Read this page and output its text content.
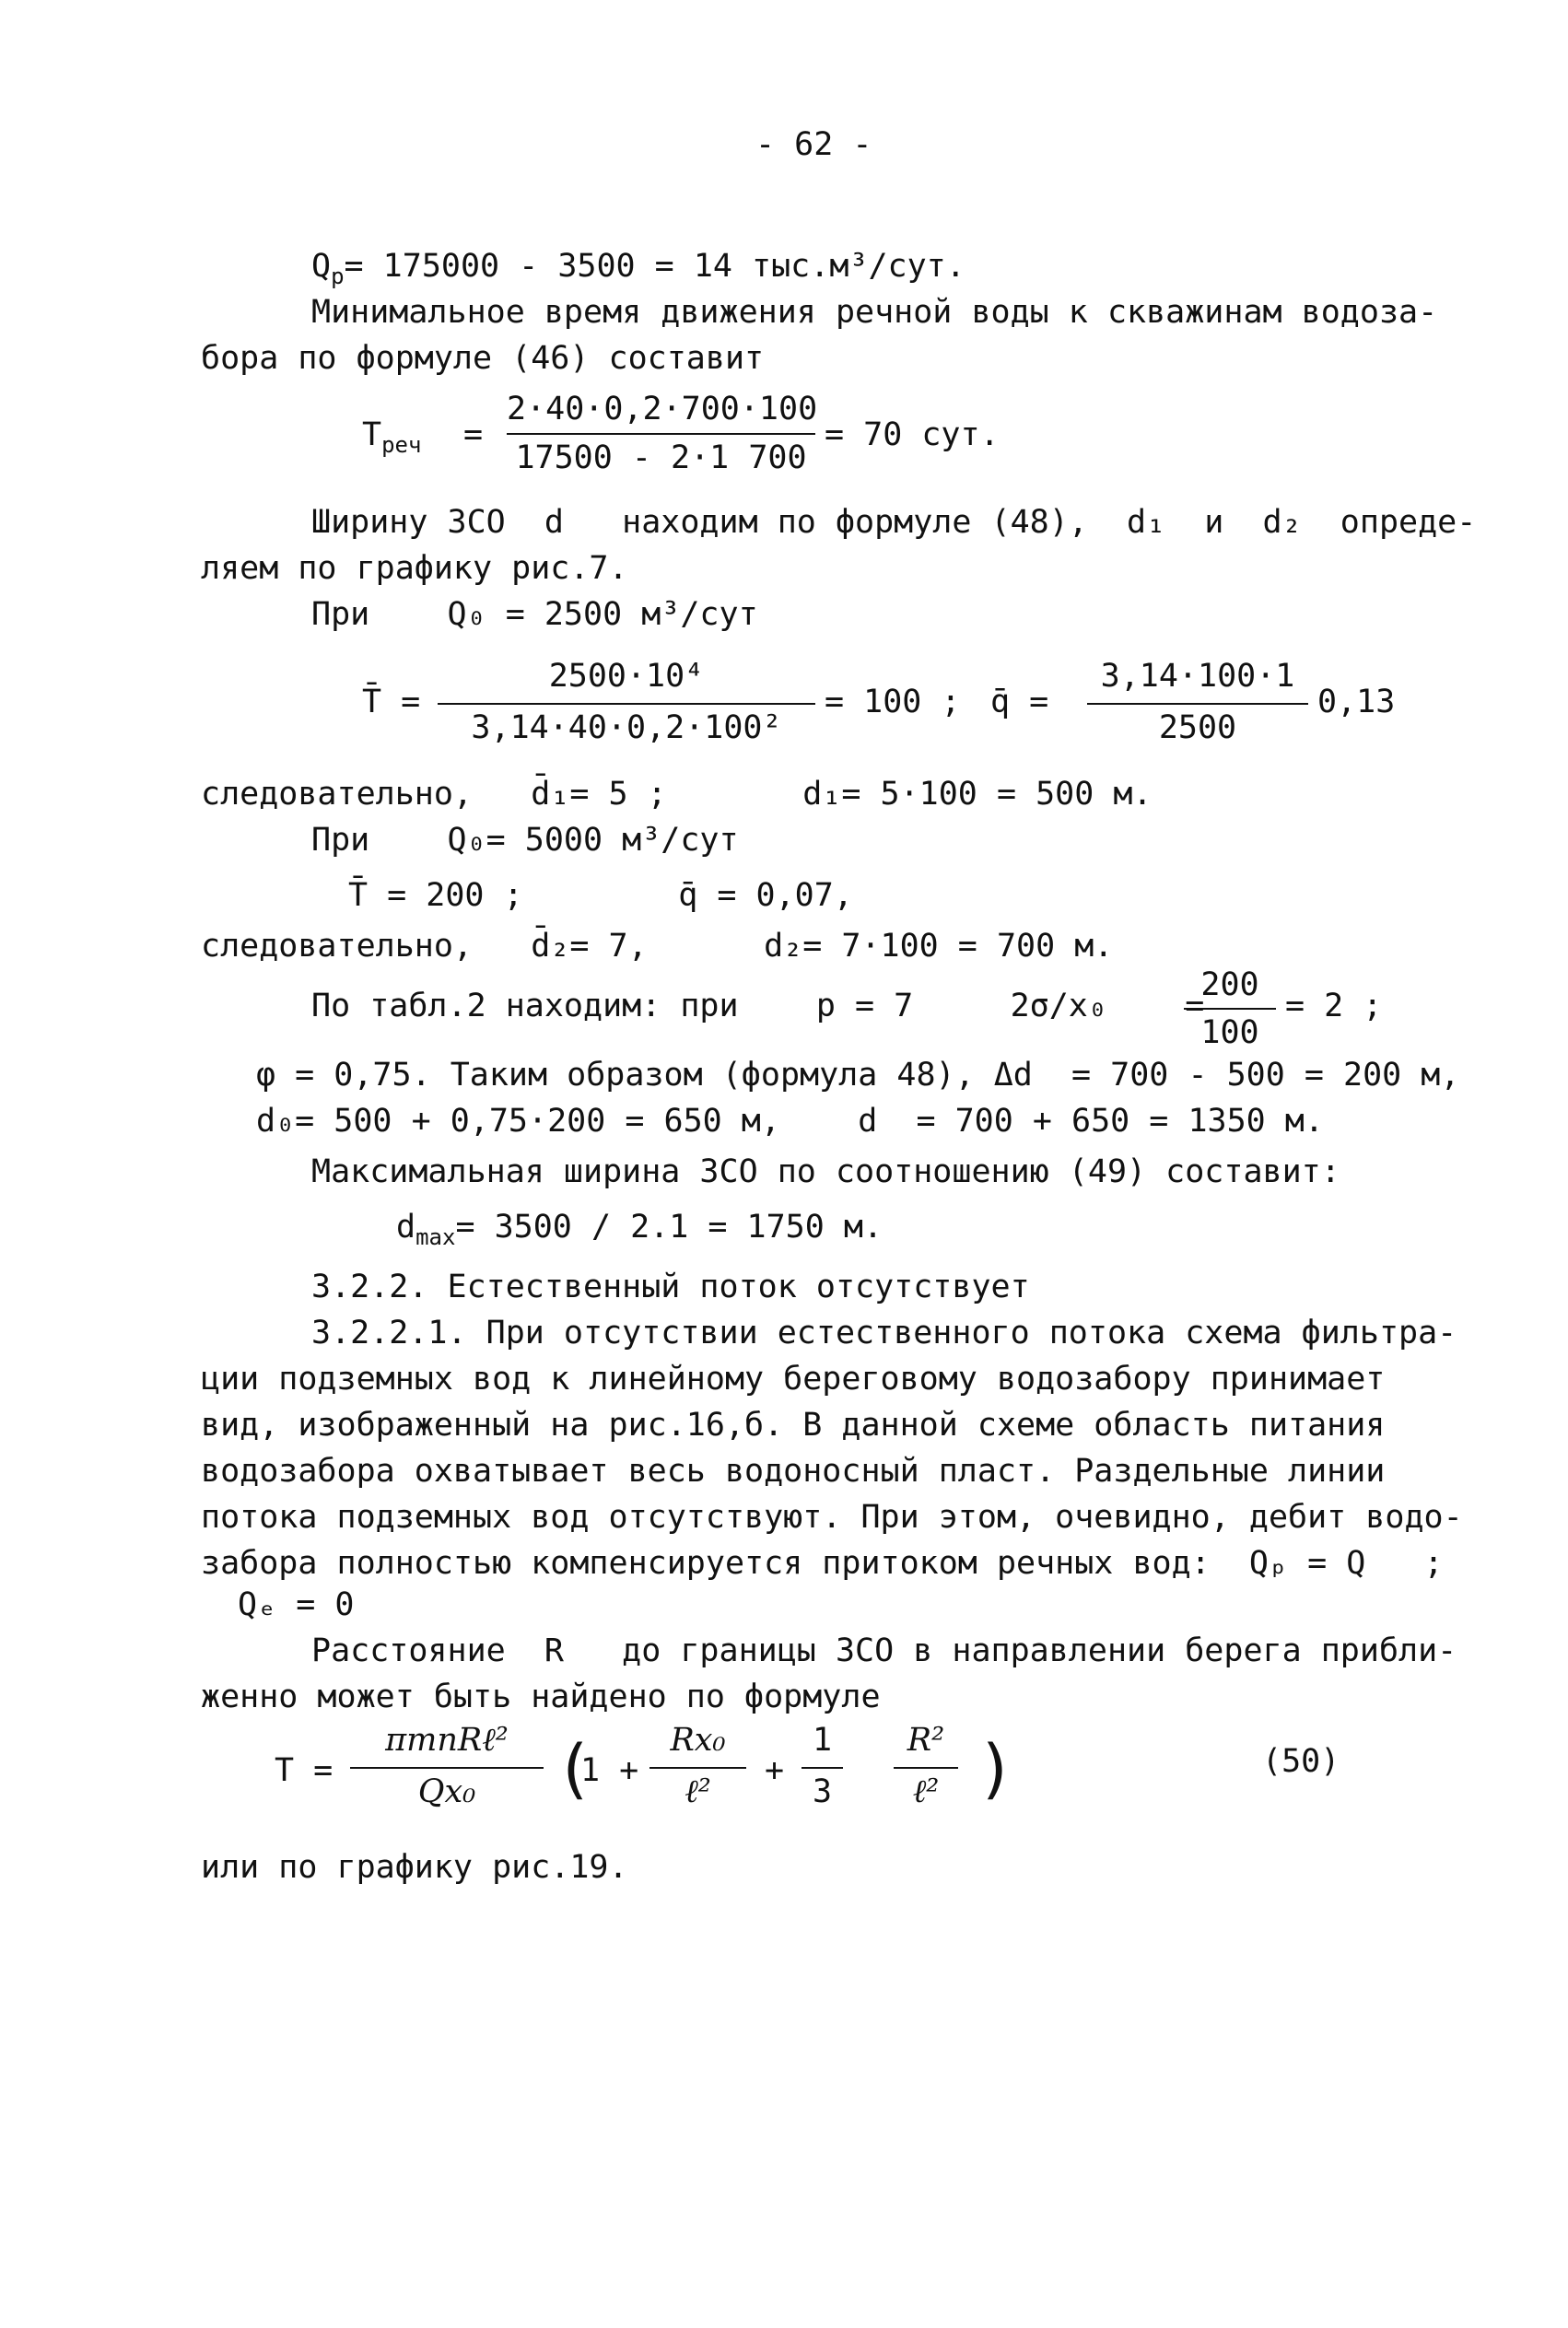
- 62 -
$Q_p= 175000 - 3500 = 14$ тыс.м³/сут.
Минимальное время движения речной воды к скважинам водоза-
бора по формуле (46) составит
$T_{реч}$ =
2·40·0,2·700·100
17500 - 2·1 700
= 70 сут.
Ширину ЗСО  d   находим по формуле (48),  d₁  и  d₂  опреде-
ляем по графику рис.7.
При    Q₀ = 2500 м³/сут
T̄ =
2500·10⁴
3,14·40·0,2·100²
= 100 ; q̄ =
3,14·100·1
2500
0,13
следовательно,   d̄₁= 5 ;       d₁= 5·100 = 500 м.
При    Q₀= 5000 м³/сут
T̄ = 200 ;        q̄ = 0,07,
следовательно,   d̄₂= 7,      d₂= 7·100 = 700 м.
По табл.2 находим: при    p = 7     2σ/x₀    =
200
100
= 2 ;
φ = 0,75. Таким образом (формула 48), Δd  = 700 - 500 = 200 м,
d₀= 500 + 0,75·200 = 650 м,    d  = 700 + 650 = 1350 м.
Максимальная ширина ЗСО по соотношению (49) составит:
$d_{max}= 3500 / 2.1 = 1750$ м.
3.2.2. Естественный поток отсутствует
3.2.2.1. При отсутствии естественного потока схема фильтра-
ции подземных вод к линейному береговому водозабору принимает
вид, изображенный на рис.16,б. В данной схеме область питания
водозабора охватывает весь водоносный пласт. Раздельные линии
потока подземных вод отсутствуют. При этом, очевидно, дебит водо-
забора полностью компенсируется притоком речных вод:  Qₚ = Q   ;
Qₑ = 0
Расстояние  R   до границы ЗСО в направлении берега прибли-
женно может быть найдено по формуле
T =
πmnRℓ²
Qx₀	(
1 +
Rx₀
ℓ²
+
1
3
R²
ℓ² )	(50)
или по графику рис.19.
